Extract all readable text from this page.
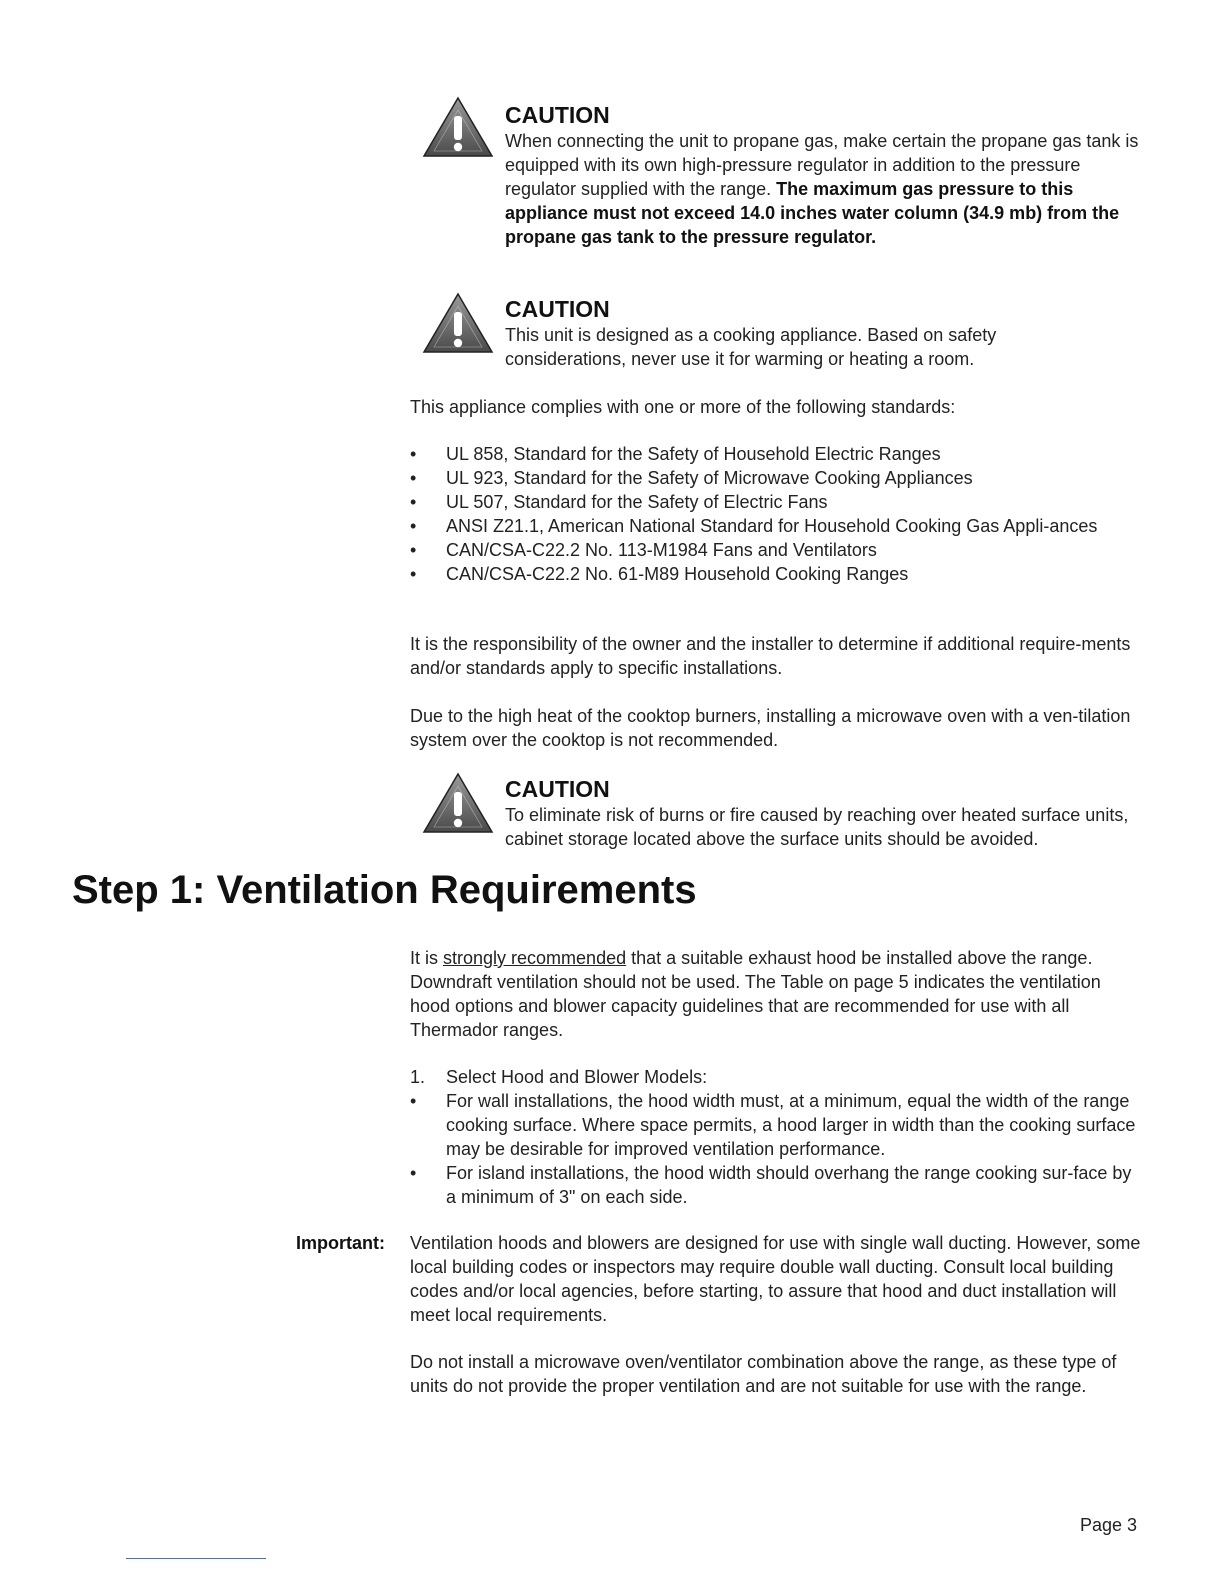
CAUTION
When connecting the unit to propane gas, make certain the propane gas tank is equipped with its own high-pressure regulator in addition to the pressure regulator supplied with the range. The maximum gas pressure to this appliance must not exceed 14.0 inches water column (34.9 mb) from the propane gas tank to the pressure regulator.
CAUTION
This unit is designed as a cooking appliance. Based on safety considerations, never use it for warming or heating a room.
This appliance complies with one or more of the following standards:
• UL 858, Standard for the Safety of Household Electric Ranges
• UL 923, Standard for the Safety of Microwave Cooking Appliances
• UL 507, Standard for the Safety of Electric Fans
• ANSI Z21.1, American National Standard for Household Cooking Gas Appli-ances
• CAN/CSA-C22.2 No. 113-M1984 Fans and Ventilators
• CAN/CSA-C22.2 No. 61-M89 Household Cooking Ranges
It is the responsibility of the owner and the installer to determine if additional require-ments and/or standards apply to specific installations.
Due to the high heat of the cooktop burners, installing a microwave oven with a ven-tilation system over the cooktop is not recommended.
CAUTION
To eliminate risk of burns or fire caused by reaching over heated surface units, cabinet storage located above the surface units should be avoided.
Step 1: Ventilation Requirements
It is strongly recommended that a suitable exhaust hood be installed above the range. Downdraft ventilation should not be used. The Table on page 5 indicates the ventilation hood options and blower capacity guidelines that are recommended for use with all Thermador ranges.
1. Select Hood and Blower Models:
• For wall installations, the hood width must, at a minimum, equal the width of the range cooking surface. Where space permits, a hood larger in width than the cooking surface may be desirable for improved ventilation performance.
• For island installations, the hood width should overhang the range cooking sur-face by a minimum of 3" on each side.
Important: Ventilation hoods and blowers are designed for use with single wall ducting. However, some local building codes or inspectors may require double wall ducting. Consult local building codes and/or local agencies, before starting, to assure that hood and duct installation will meet local requirements.
Do not install a microwave oven/ventilator combination above the range, as these type of units do not provide the proper ventilation and are not suitable for use with the range.
Page 3
